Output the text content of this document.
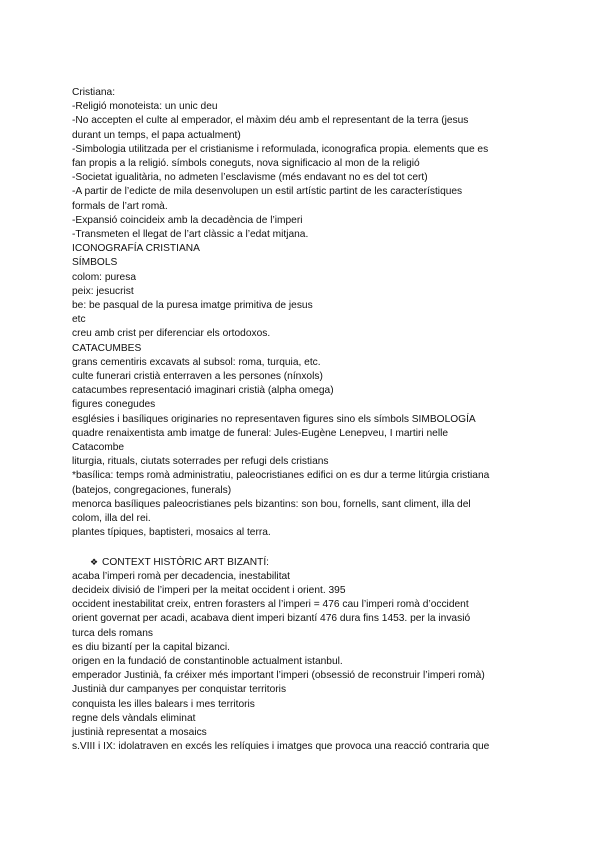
Cristiana:
-Religió monoteista: un unic deu
-No accepten el culte al emperador, el màxim déu amb el representant de la terra (jesus
durant un temps, el papa actualment)
-Simbologia utilitzada per el cristianisme i reformulada, iconografica propia. elements que es
fan propis a la religió. símbols coneguts, nova significacio al mon de la religió
-Societat igualitària, no admeten l’esclavisme (més endavant no es del tot cert)
-A partir de l’edicte de mila desenvolupen un estil artístic partint de les característiques
formals de l’art romà.
-Expansió coincideix amb la decadència de l’imperi
-Transmeten el llegat de l’art clàssic a l’edat mitjana.
ICONOGRAFÍA CRISTIANA
SÍMBOLS
colom: puresa
peix: jesucrist
be: be pasqual de la puresa imatge primitiva de jesus
etc
creu amb crist per diferenciar els ortodoxos.
CATACUMBES
grans cementiris excavats al subsol: roma, turquia, etc.
culte funerari cristià enterraven a les persones (nínxols)
catacumbes representació imaginari cristià (alpha omega)
figures conegudes
esglésies i basíliques originaries no representaven figures sino els símbols SIMBOLOGÍA
quadre renaixentista amb imatge de funeral: Jules-Eugène Lenepveu, I martiri nelle
Catacombe
liturgia, rituals, ciutats soterrades per refugi dels cristians
*basílica: temps romà administratiu, paleocristianes edifici on es dur a terme litúrgia cristiana
(batejos, congregaciones, funerals)
menorca basíliques paleocristianes pels bizantins: son bou, fornells, sant climent, illa del
colom, illa del rei.
plantes típiques, baptisteri, mosaics al terra.
❖ CONTEXT HISTÒRIC ART BIZANTÍ:
acaba l’imperi romà per decadencia, inestabilitat
decideix divisió de l’imperi per la meitat occident i orient. 395
occident inestabilitat creix, entren forasters al l’imperi = 476 cau l’imperi romà d’occident
orient governat per acadi, acabava dient imperi bizantí 476 dura fins 1453. per la invasió
turca dels romans
es diu bizantí per la capital bizanci.
origen en la fundació de constantinoble actualment istanbul.
emperador Justinià, fa créixer més important l’imperi (obsessió de reconstruir l’imperi romà)
Justinià dur campanyes per conquistar territoris
conquista les illes balears i mes territoris
regne dels vàndals eliminat
justinià representat a mosaics
s.VIII i IX: idolatraven en excés les relíquies i imatges que provoca una reacció contraria que
